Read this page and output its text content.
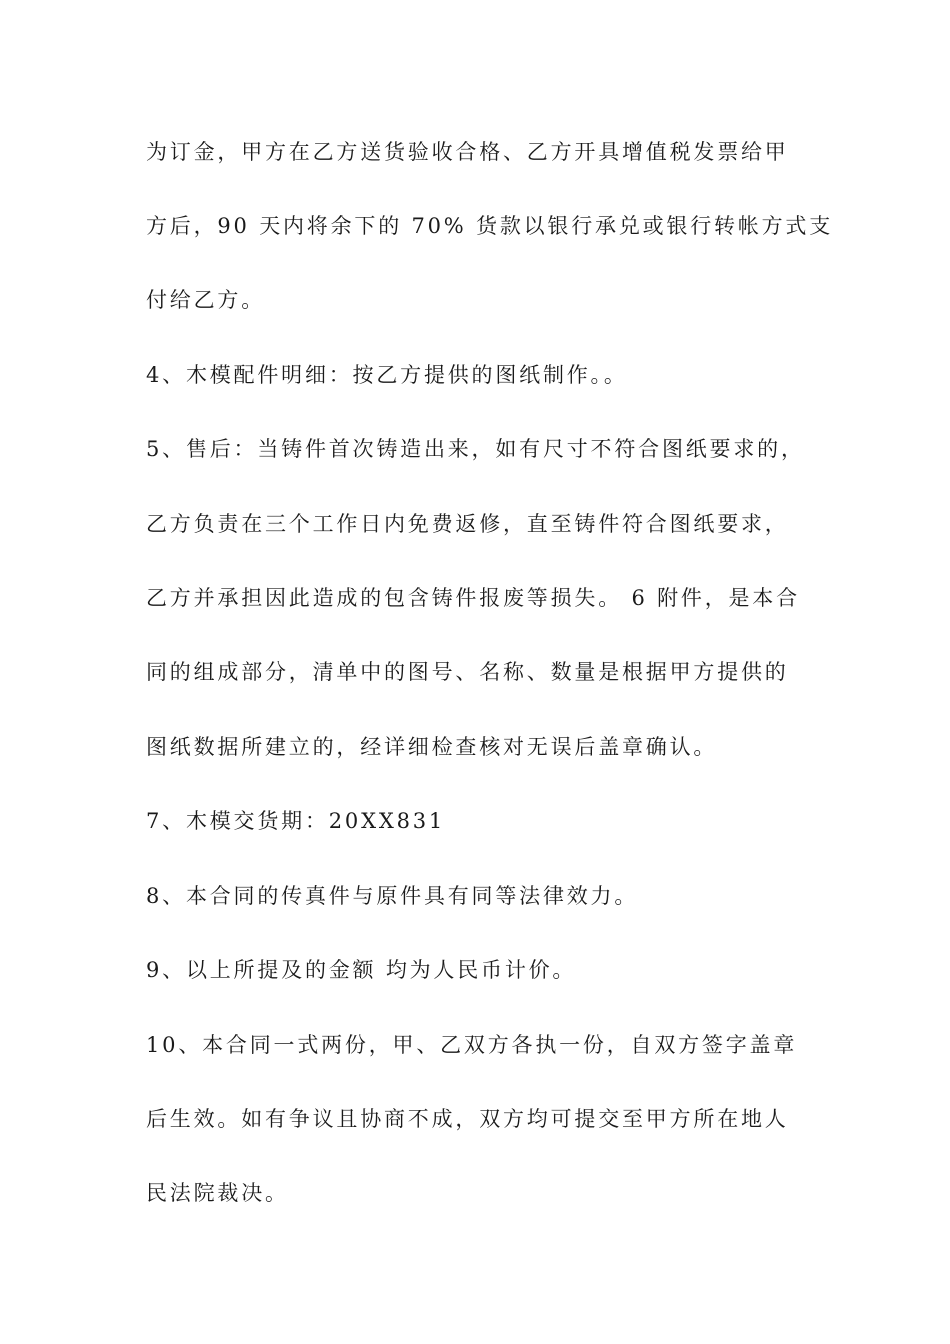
为订金，甲方在乙方送货验收合格、乙方开具增值税发票给甲
方后，90 天内将余下的 70% 货款以银行承兑或银行转帐方式支
付给乙方。
4、木模配件明细：按乙方提供的图纸制作。。
5、售后：当铸件首次铸造出来，如有尺寸不符合图纸要求的，
乙方负责在三个工作日内免费返修，直至铸件符合图纸要求，
乙方并承担因此造成的包含铸件报废等损失。 6 附件，是本合
同的组成部分，清单中的图号、名称、数量是根据甲方提供的
图纸数据所建立的，经详细检查核对无误后盖章确认。
7、木模交货期：20XX831
8、本合同的传真件与原件具有同等法律效力。
9、以上所提及的金额 均为人民币计价。
10、本合同一式两份，甲、乙双方各执一份，自双方签字盖章
后生效。如有争议且协商不成，双方均可提交至甲方所在地人
民法院裁决。
